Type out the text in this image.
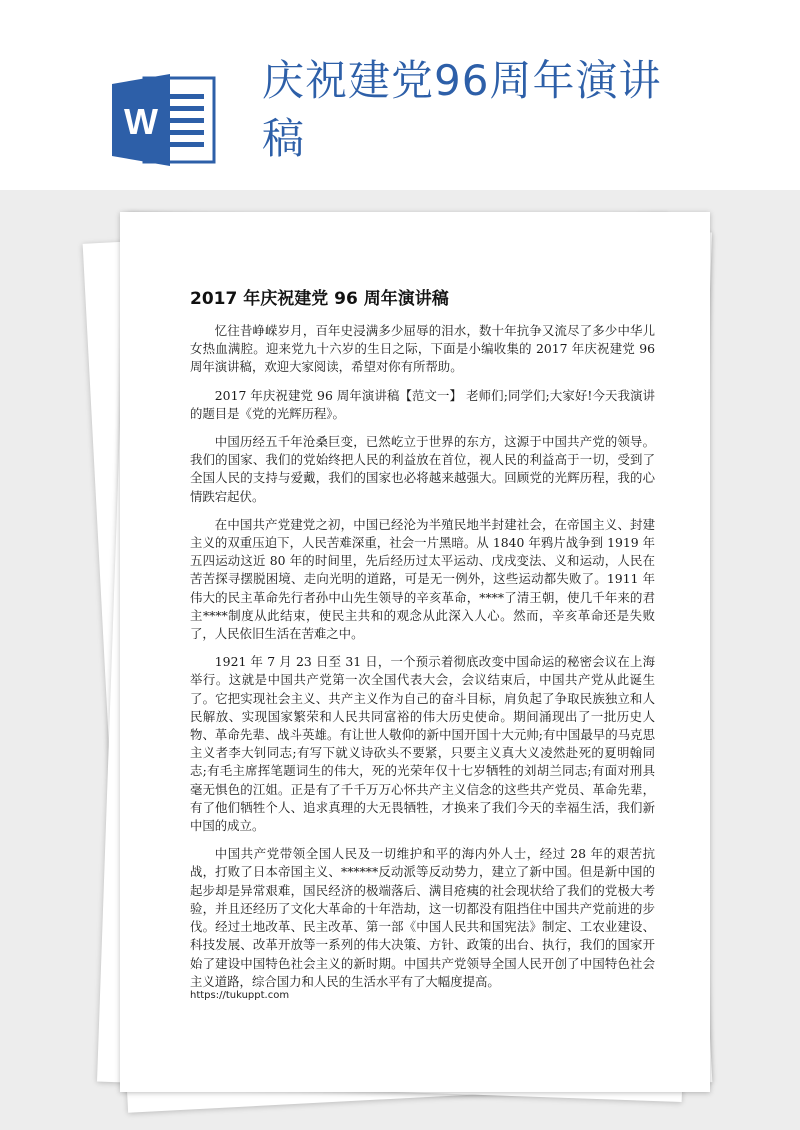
W
庆祝建党96周年演讲稿
2017 年庆祝建党 96 周年演讲稿

忆往昔峥嵘岁月，百年史浸满多少屈辱的泪水，数十年抗争又流尽了多少中华儿女热血满腔。迎来党九十六岁的生日之际，下面是小编收集的 2017 年庆祝建党 96 周年演讲稿，欢迎大家阅读，希望对你有所帮助。

2017 年庆祝建党 96 周年演讲稿【范文一】 老师们;同学们;大家好!今天我演讲的题目是《党的光辉历程》。

中国历经五千年沧桑巨变，已然屹立于世界的东方，这源于中国共产党的领导。我们的国家、我们的党始终把人民的利益放在首位，视人民的利益高于一切，受到了全国人民的支持与爱戴，我们的国家也必将越来越强大。回顾党的光辉历程，我的心情跌宕起伏。

在中国共产党建党之初，中国已经沦为半殖民地半封建社会，在帝国主义、封建主义的双重压迫下，人民苦难深重，社会一片黑暗。从 1840 年鸦片战争到 1919 年五四运动这近 80 年的时间里，先后经历过太平运动、戊戌变法、义和运动，人民在苦苦探寻摆脱困境、走向光明的道路，可是无一例外，这些运动都失败了。1911 年伟大的民主革命先行者孙中山先生领导的辛亥革命，****了清王朝，使几千年来的君主****制度从此结束，使民主共和的观念从此深入人心。然而，辛亥革命还是失败了，人民依旧生活在苦难之中。

1921 年 7 月 23 日至 31 日，一个预示着彻底改变中国命运的秘密会议在上海举行。这就是中国共产党第一次全国代表大会，会议结束后，中国共产党从此诞生了。它把实现社会主义、共产主义作为自己的奋斗目标，肩负起了争取民族独立和人民解放、实现国家繁荣和人民共同富裕的伟大历史使命。期间涌现出了一批历史人物、革命先辈、战斗英雄。有让世人敬仰的新中国开国十大元帅;有中国最早的马克思主义者李大钊同志;有写下就义诗砍头不要紧，只要主义真大义凌然赴死的夏明翰同志;有毛主席挥笔题词生的伟大，死的光荣年仅十七岁牺牲的刘胡兰同志;有面对刑具毫无惧色的江姐。正是有了千千万万心怀共产主义信念的这些共产党员、革命先辈，有了他们牺牲个人、追求真理的大无畏牺牲，才换来了我们今天的幸福生活，我们新中国的成立。

中国共产党带领全国人民及一切维护和平的海内外人士，经过 28 年的艰苦抗战，打败了日本帝国主义、******反动派等反动势力，建立了新中国。但是新中国的起步却是异常艰难，国民经济的极端落后、满目疮痍的社会现状给了我们的党极大考验，并且还经历了文化大革命的十年浩劫，这一切都没有阻挡住中国共产党前进的步伐。经过土地改革、民主改革、第一部《中国人民共和国宪法》制定、工农业建设、科技发展、改革开放等一系列的伟大决策、方针、政策的出台、执行，我们的国家开始了建设中国特色社会主义的新时期。中国共产党领导全国人民开创了中国特色社会主义道路，综合国力和人民的生活水平有了大幅度提高。

https://tukuppt.com
